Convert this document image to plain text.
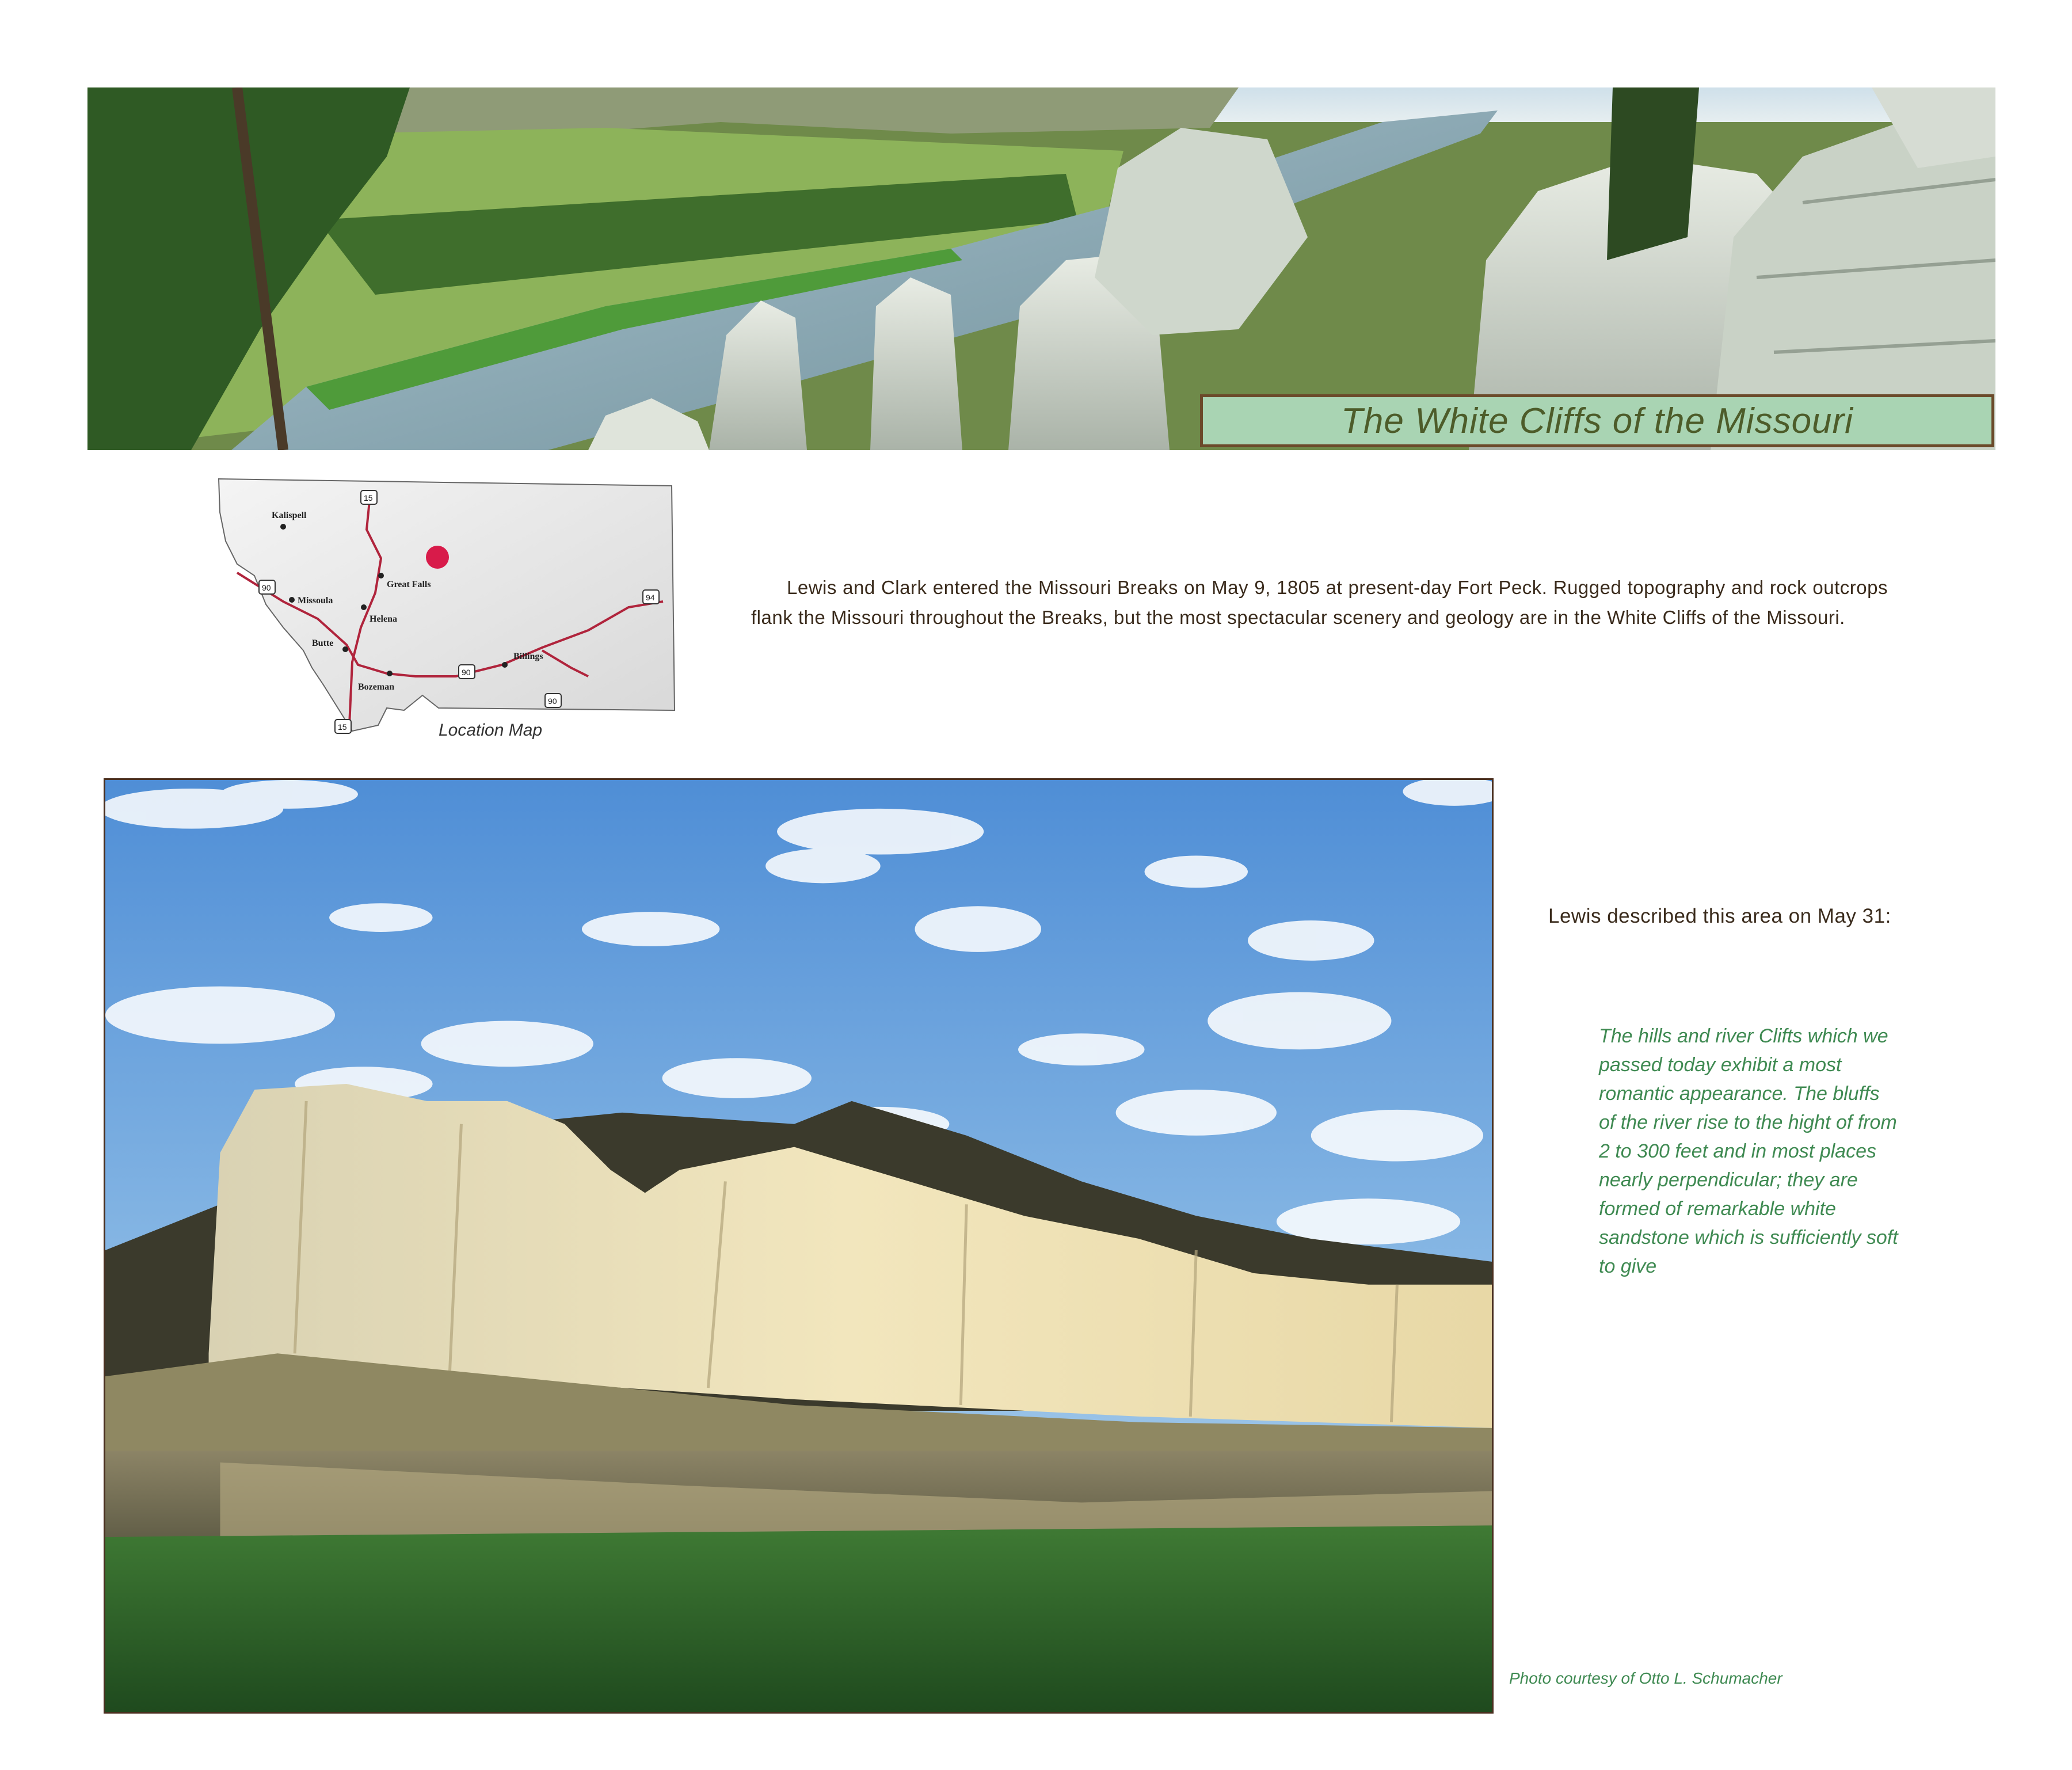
The White Cliffs of the Missouri
Kalispell
Missoula
Great Falls
Helena
Butte
Bozeman
Billings
15
90
90
94
90
15	Location Map

Lewis and Clark entered the Missouri Breaks on May 9, 1805 at present-day Fort Peck. Rugged topography and rock outcrops flank the Missouri throughout the Breaks, but the most spectacular scenery and geology are in the White Cliffs of the Missouri.

Lewis described this area on May 31:

The hills and river Clifts which we passed today exhibit a most romantic appearance. The bluffs of the river rise to the hight of from 2 to 300 feet and in most places nearly perpendicular; they are formed of remarkable white sandstone which is sufficiently soft to give

Photo courtesy of Otto L. Schumacher
